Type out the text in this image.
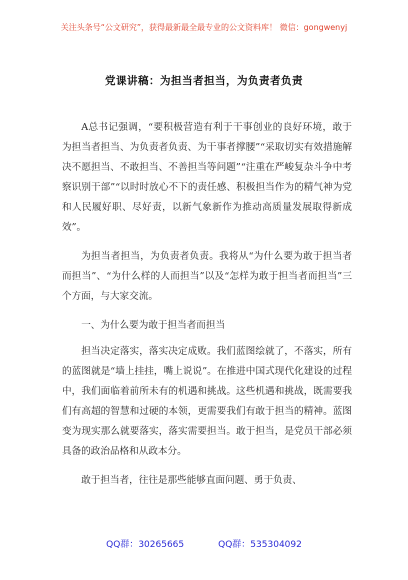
关注头条号“公文研究”，获得最新最全最专业的公文资料库！ 微信：gongwenyj
党课讲稿：为担当者担当，为负责者负责

A总书记强调，“要积极营造有利于干事创业的良好环境，敢于为担当者担当、为负责者负责、为干事者撑腰”“采取切实有效措施解决不愿担当、不敢担当、不善担当等问题”“注重在严峻复杂斗争中考察识别干部”“以时时放心不下的责任感、积极担当作为的精气神为党和人民履好职、尽好责，以新气象新作为推动高质量发展取得新成效”。

为担当者担当，为负责者负责。我将从“为什么要为敢于担当者而担当”、“为什么样的人而担当”以及“怎样为敢于担当者而担当”三个方面，与大家交流。

一、为什么要为敢于担当者而担当

担当决定落实，落实决定成败。我们蓝图绘就了，不落实，所有的蓝图就是“墙上挂挂，嘴上说说”。在推进中国式现代化建设的过程中，我们面临着前所未有的机遇和挑战。这些机遇和挑战，既需要我们有高超的智慧和过硬的本领，更需要我们有敢于担当的精神。蓝图变为现实那么就要落实，落实需要担当。敢于担当，是党员干部必须具备的政治品格和从政本分。

敢于担当者，往往是那些能够直面问题、勇于负责、

QQ群：30265665	QQ群：535304092
